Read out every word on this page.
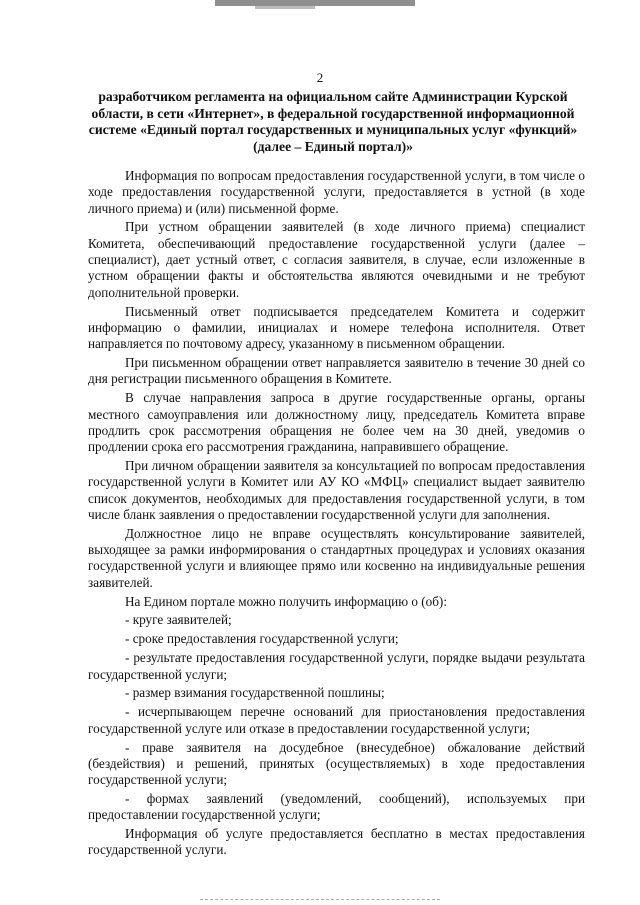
2

разработчиком регламента на официальном сайте Администрации Курской области, в сети «Интернет», в федеральной государственной информационной системе «Единый портал государственных и муниципальных услуг «функций» (далее – Единый портал)»

Информация по вопросам предоставления государственной услуги, в том числе о ходе предоставления государственной услуги, предоставляется в устной (в ходе личного приема) и (или) письменной форме.

При устном обращении заявителей (в ходе личного приема) специалист Комитета, обеспечивающий предоставление государственной услуги (далее – специалист), дает устный ответ, с согласия заявителя, в случае, если изложенные в устном обращении факты и обстоятельства являются очевидными и не требуют дополнительной проверки.

Письменный ответ подписывается председателем Комитета и содержит информацию о фамилии, инициалах и номере телефона исполнителя. Ответ направляется по почтовому адресу, указанному в письменном обращении.

При письменном обращении ответ направляется заявителю в течение 30 дней со дня регистрации письменного обращения в Комитете.

В случае направления запроса в другие государственные органы, органы местного самоуправления или должностному лицу, председатель Комитета вправе продлить срок рассмотрения обращения не более чем на 30 дней, уведомив о продлении срока его рассмотрения гражданина, направившего обращение.

При личном обращении заявителя за консультацией по вопросам предоставления государственной услуги в Комитет или АУ КО «МФЦ» специалист выдает заявителю список документов, необходимых для предоставления государственной услуги, в том числе бланк заявления о предоставлении государственной услуги для заполнения.

Должностное лицо не вправе осуществлять консультирование заявителей, выходящее за рамки информирования о стандартных процедурах и условиях оказания государственной услуги и влияющее прямо или косвенно на индивидуальные решения заявителей.

На Едином портале можно получить информацию о (об):

- круге заявителей;

- сроке предоставления государственной услуги;

- результате предоставления государственной услуги, порядке выдачи результата государственной услуги;

- размер взимания государственной пошлины;

- исчерпывающем перечне оснований для приостановления предоставления государственной услуге или отказе в предоставлении государственной услуги;

- праве заявителя на досудебное (внесудебное) обжалование действий (бездействия) и решений, принятых (осуществляемых) в ходе предоставления государственной услуги;

- формах заявлений (уведомлений, сообщений), используемых при предоставлении государственной услуги;

Информация об услуге предоставляется бесплатно в местах предоставления государственной услуги.
